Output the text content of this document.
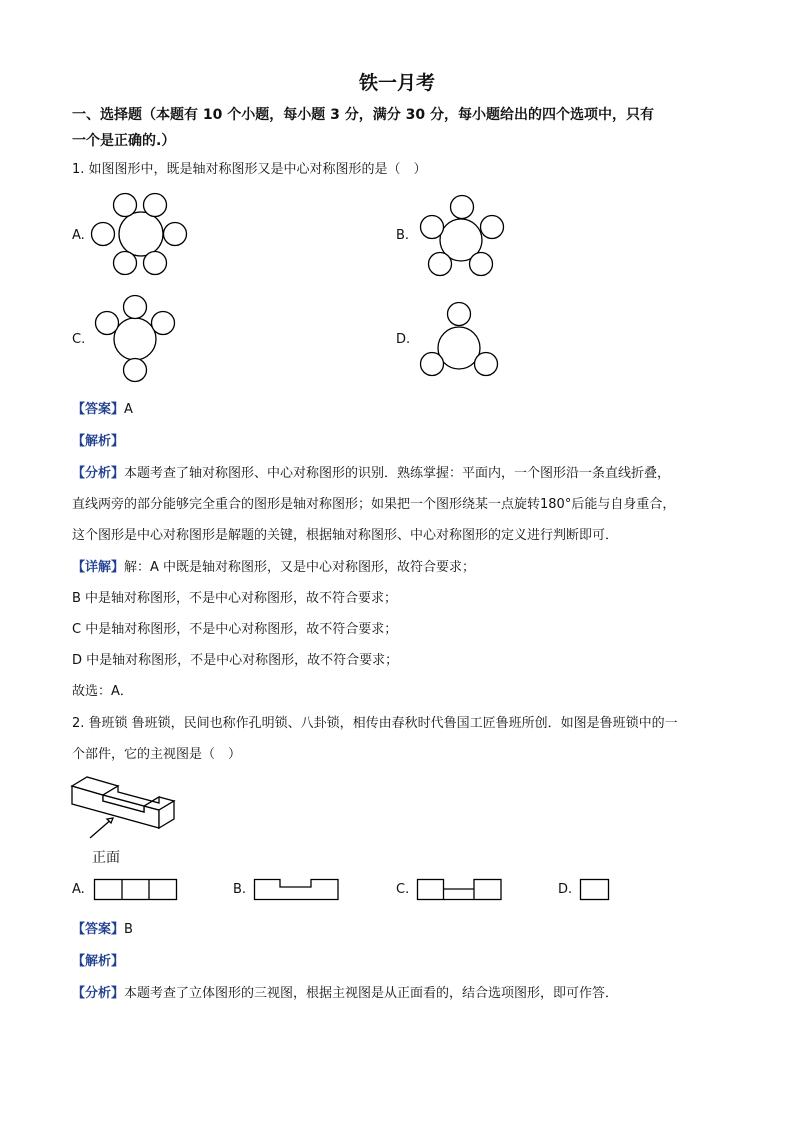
铁一月考
一、选择题（本题有 10 个小题，每小题 3 分，满分 30 分，每小题给出的四个选项中，只有
一个是正确的.）
1. 如图图形中，既是轴对称图形又是中心对称图形的是（　）
A.	B.
C.	D.
【答案】A
【解析】
【分析】本题考查了轴对称图形、中心对称图形的识别．熟练掌握：平面内，一个图形沿一条直线折叠，
直线两旁的部分能够完全重合的图形是轴对称图形；如果把一个图形绕某一点旋转180°后能与自身重合，
这个图形是中心对称图形是解题的关键，根据轴对称图形、中心对称图形的定义进行判断即可．
【详解】解：A 中既是轴对称图形，又是中心对称图形，故符合要求；
B 中是轴对称图形，不是中心对称图形，故不符合要求；
C 中是轴对称图形，不是中心对称图形，故不符合要求；
D 中是轴对称图形，不是中心对称图形，故不符合要求；
故选：A．
2. 鲁班锁 鲁班锁，民间也称作孔明锁、八卦锁，相传由春秋时代鲁国工匠鲁班所创．如图是鲁班锁中的一
个部件，它的主视图是（　）
正面
A.	B.	C.	D.
【答案】B
【解析】
【分析】本题考查了立体图形的三视图，根据主视图是从正面看的，结合选项图形，即可作答．
